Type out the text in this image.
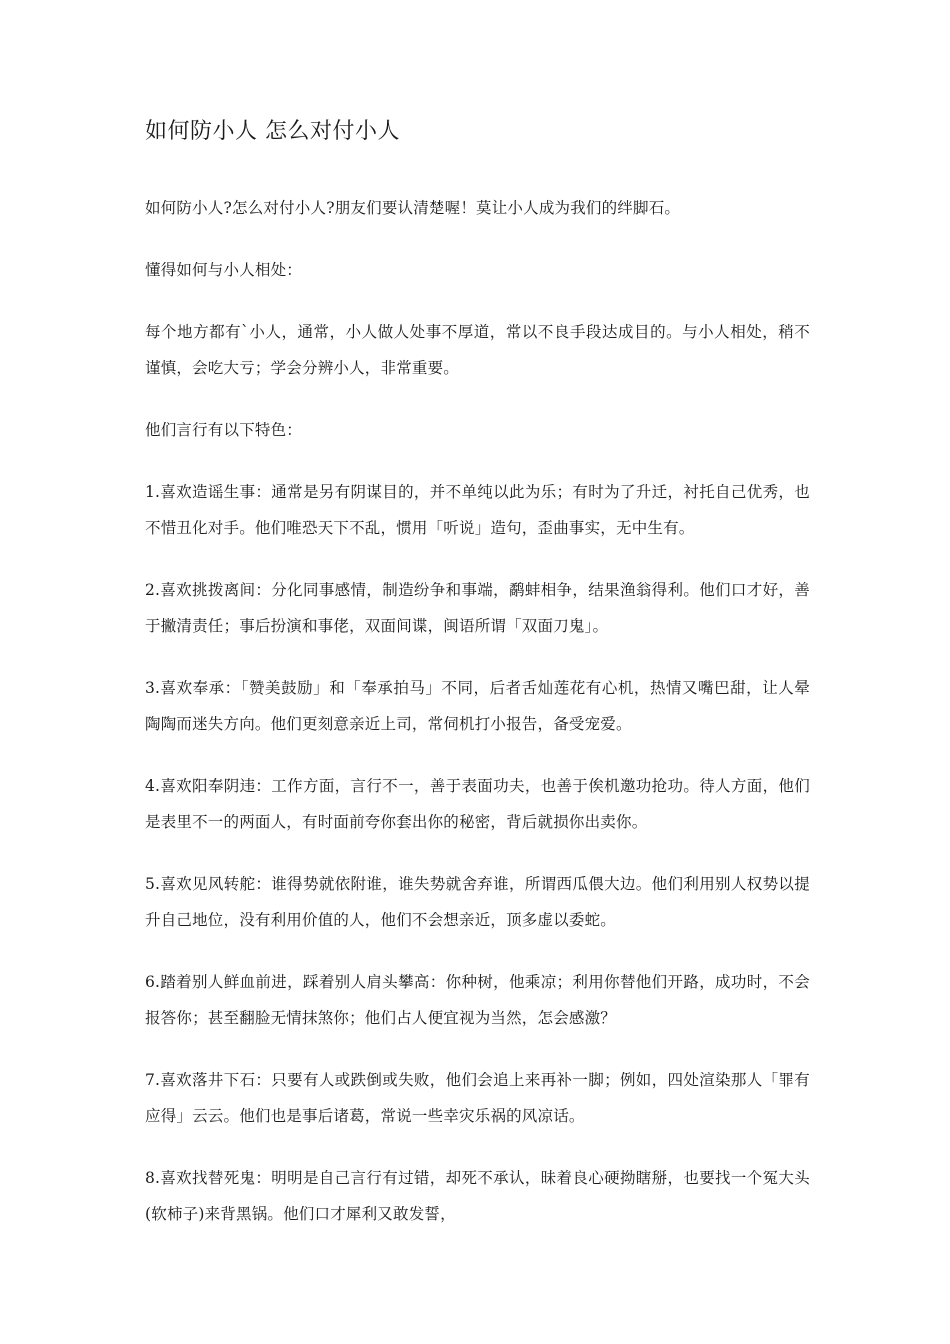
如何防小人 怎么对付小人

如何防小人?怎么对付小人?朋友们要认清楚喔！莫让小人成为我们的绊脚石。

懂得如何与小人相处：

每个地方都有`小人，通常，小人做人处事不厚道，常以不良手段达成目的。与小人相处，稍不谨慎，会吃大亏；学会分辨小人，非常重要。

他们言行有以下特色：

1.喜欢造谣生事：通常是另有阴谋目的，并不单纯以此为乐；有时为了升迁，衬托自己优秀，也不惜丑化对手。他们唯恐天下不乱，惯用「听说」造句，歪曲事实，无中生有。

2.喜欢挑拨离间：分化同事感情，制造纷争和事端，鹬蚌相争，结果渔翁得利。他们口才好，善于撇清责任；事后扮演和事佬，双面间谍，闽语所谓「双面刀鬼」。

3.喜欢奉承：「赞美鼓励」和「奉承拍马」不同，后者舌灿莲花有心机，热情又嘴巴甜，让人晕陶陶而迷失方向。他们更刻意亲近上司，常伺机打小报告，备受宠爱。

4.喜欢阳奉阴违：工作方面，言行不一，善于表面功夫，也善于俟机邀功抢功。待人方面，他们是表里不一的两面人，有时面前夸你套出你的秘密，背后就损你出卖你。

5.喜欢见风转舵：谁得势就依附谁，谁失势就舍弃谁，所谓西瓜偎大边。他们利用别人权势以提升自己地位，没有利用价值的人，他们不会想亲近，顶多虚以委蛇。

6.踏着别人鲜血前进，踩着别人肩头攀高：你种树，他乘凉；利用你替他们开路，成功时，不会报答你；甚至翻脸无情抹煞你；他们占人便宜视为当然，怎会感激？

7.喜欢落井下石：只要有人或跌倒或失败，他们会追上来再补一脚；例如，四处渲染那人「罪有应得」云云。他们也是事后诸葛，常说一些幸灾乐祸的风凉话。

8.喜欢找替死鬼：明明是自己言行有过错，却死不承认，昧着良心硬拗瞎掰，也要找一个冤大头(软柿子)来背黑锅。他们口才犀利又敢发誓，
